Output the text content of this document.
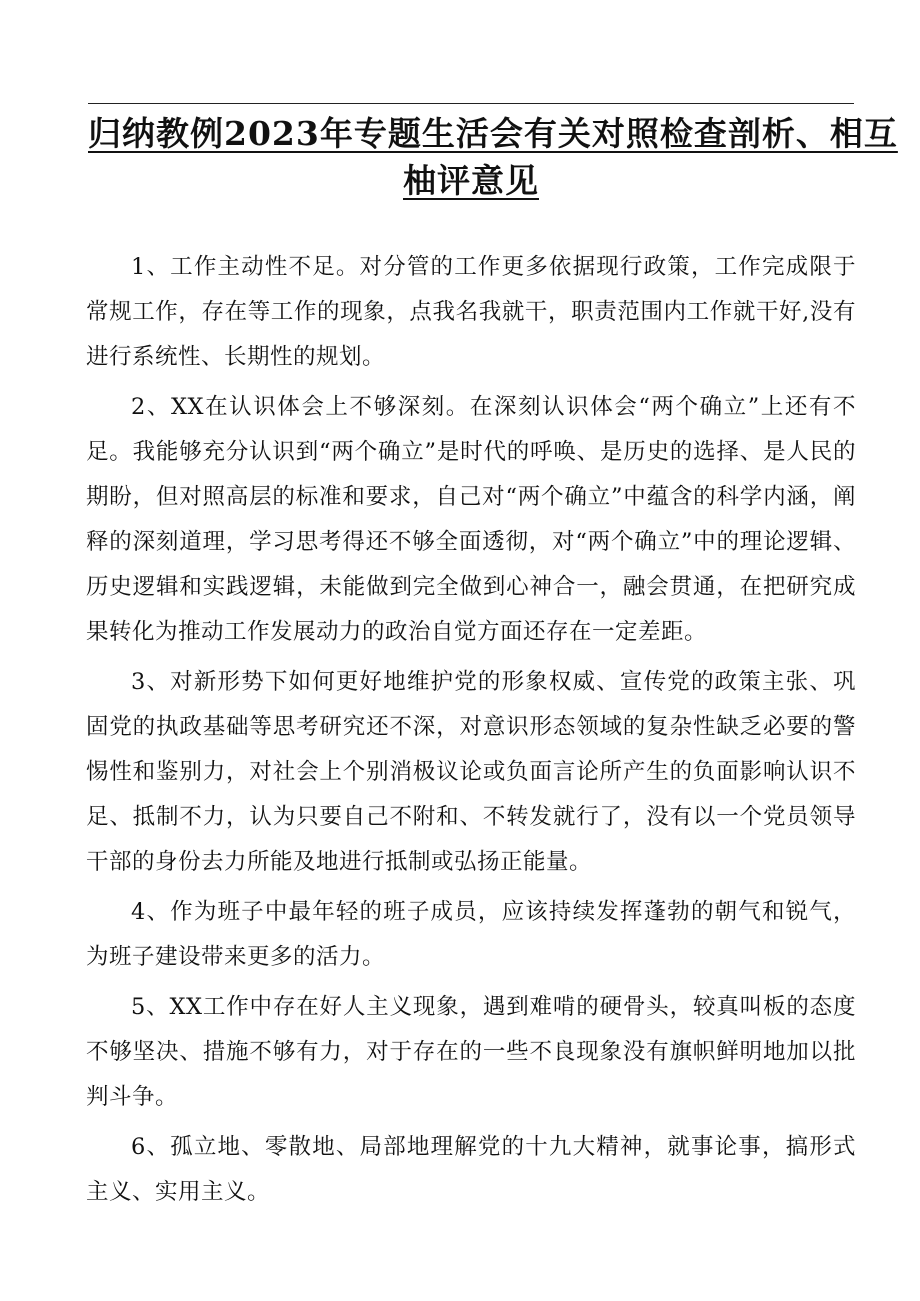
归纳教例2023年专题生活会有关对照检查剖析、相互
柚评意见

1、工作主动性不足。对分管的工作更多依据现行政策，工作完成限于常规工作，存在等工作的现象，点我名我就干，职责范围内工作就干好,没有进行系统性、长期性的规划。

2、XX在认识体会上不够深刻。在深刻认识体会“两个确立”上还有不足。我能够充分认识到“两个确立”是时代的呼唤、是历史的选择、是人民的期盼，但对照高层的标准和要求，自己对“两个确立”中蕴含的科学内涵，阐释的深刻道理，学习思考得还不够全面透彻，对“两个确立”中的理论逻辑、历史逻辑和实践逻辑，未能做到完全做到心神合一，融会贯通，在把研究成果转化为推动工作发展动力的政治自觉方面还存在一定差距。

3、对新形势下如何更好地维护党的形象权威、宣传党的政策主张、巩固党的执政基础等思考研究还不深，对意识形态领域的复杂性缺乏必要的警惕性和鉴别力，对社会上个别消极议论或负面言论所产生的负面影响认识不足、抵制不力，认为只要自己不附和、不转发就行了，没有以一个党员领导干部的身份去力所能及地进行抵制或弘扬正能量。

4、作为班子中最年轻的班子成员，应该持续发挥蓬勃的朝气和锐气，为班子建设带来更多的活力。

5、XX工作中存在好人主义现象，遇到难啃的硬骨头，较真叫板的态度不够坚决、措施不够有力，对于存在的一些不良现象没有旗帜鲜明地加以批判斗争。

6、孤立地、零散地、局部地理解党的十九大精神，就事论事，搞形式主义、实用主义。
